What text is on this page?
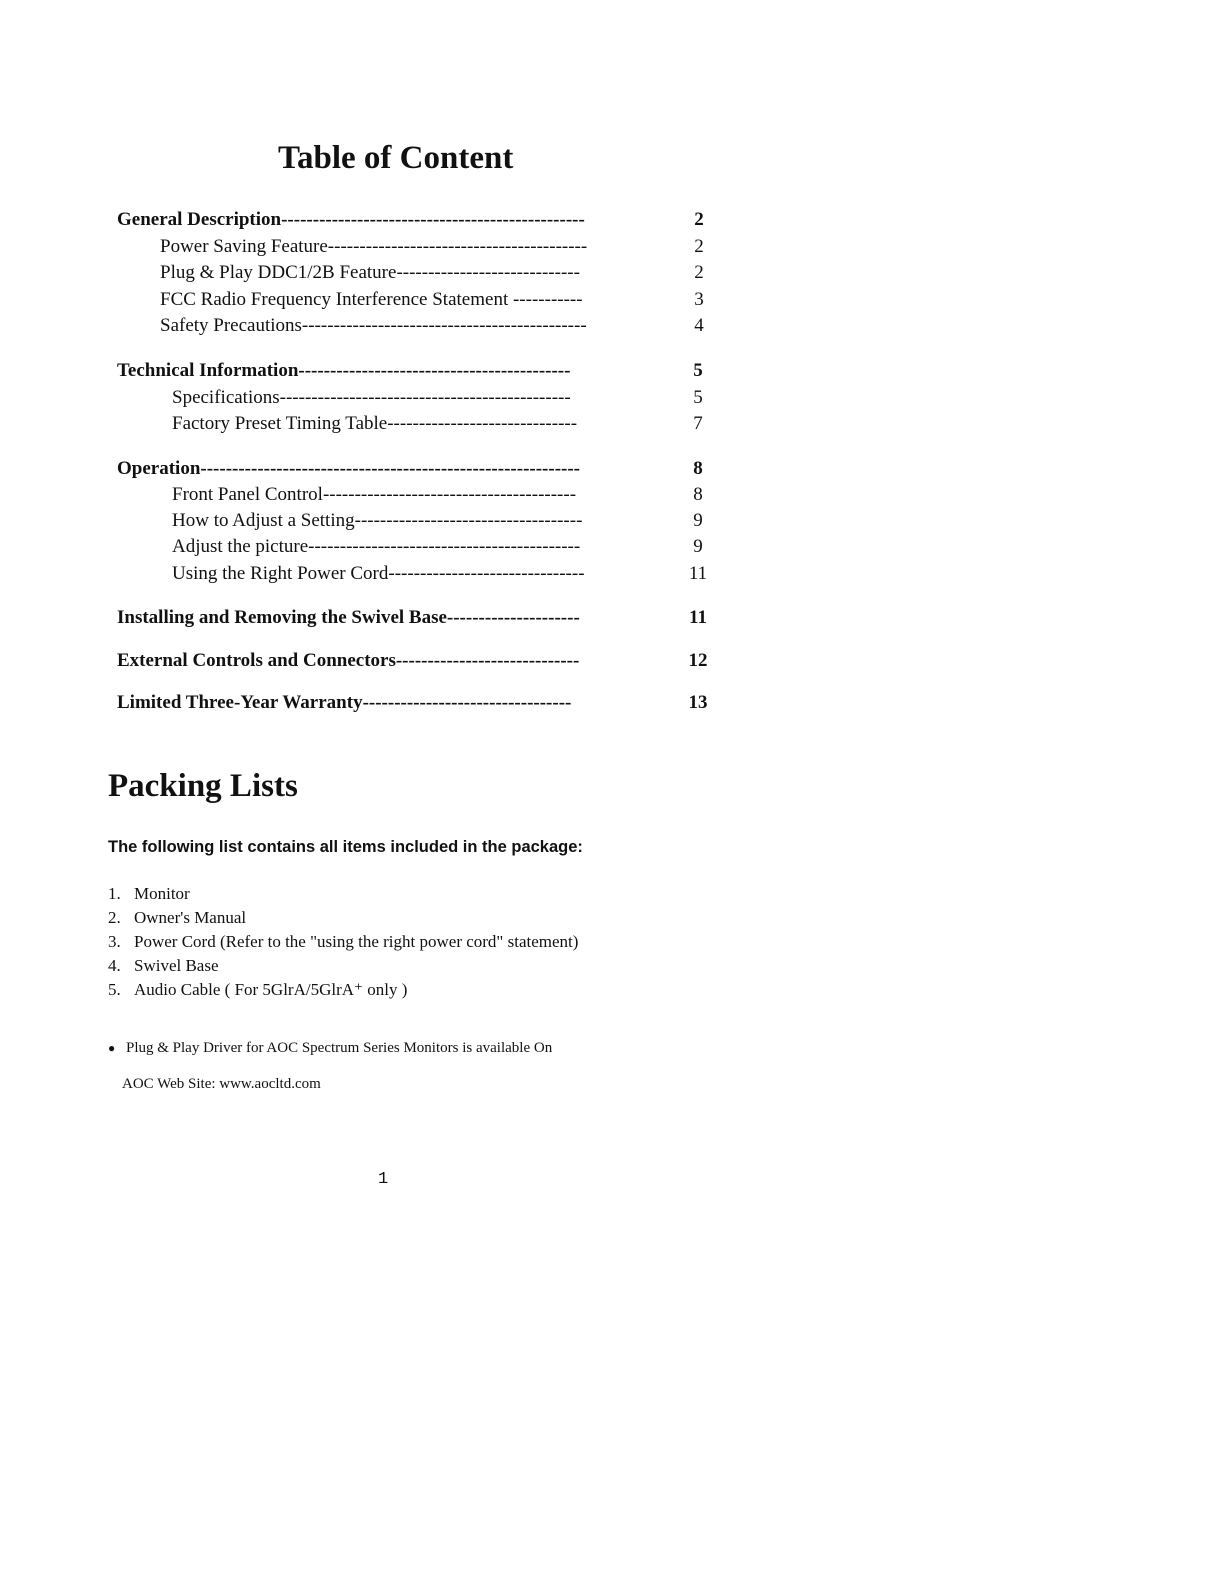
Table of Content
General Description------------------------------------------------	2
Power Saving Feature-----------------------------------------	2
Plug & Play DDC1/2B Feature-----------------------------	2
FCC Radio Frequency Interference Statement -----------	3
Safety Precautions---------------------------------------------	4
Technical Information-------------------------------------------	5
Specifications----------------------------------------------	5
Factory Preset Timing Table------------------------------	7
Operation------------------------------------------------------------	8
Front Panel Control----------------------------------------	8
How to Adjust a Setting------------------------------------	9
Adjust the picture-------------------------------------------	9
Using the Right Power Cord-------------------------------	11
Installing and Removing the Swivel Base---------------------	11
External Controls and Connectors-----------------------------	12
Limited Three-Year Warranty---------------------------------	13
Packing Lists

The following list contains all items included in the package:

1. Monitor
2. Owner's Manual
3. Power Cord (Refer to the "using the right power cord" statement)
4. Swivel Base
5. Audio Cable ( For 5GlrA/5GlrA⁺ only )

● Plug & Play Driver for AOC Spectrum Series Monitors is available On

AOC Web Site: www.aocltd.com

1
